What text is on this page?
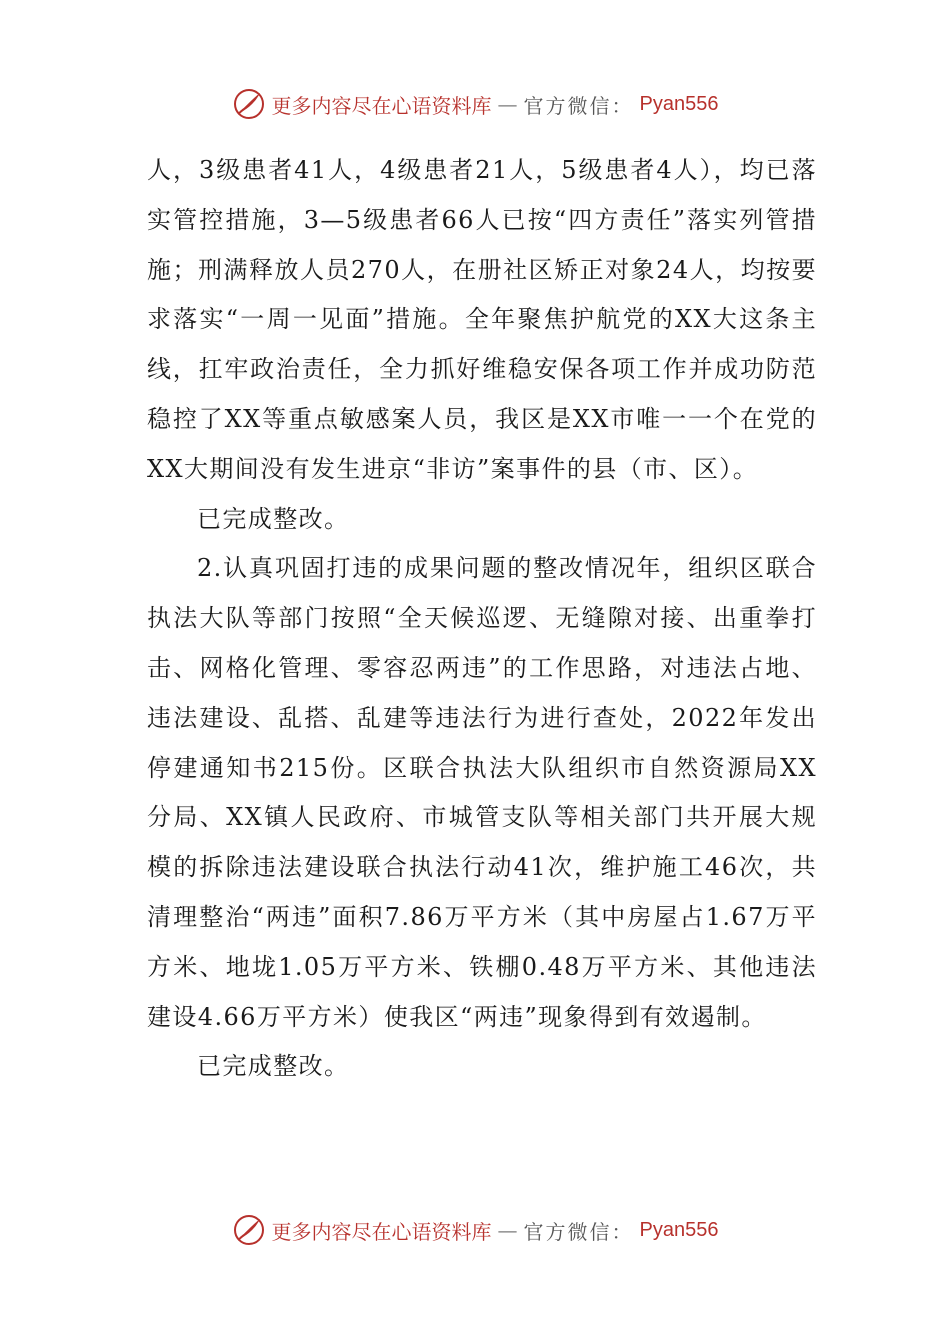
更多内容尽在心语资料库 — 官方微信： Pyan556

人，3级患者41人，4级患者21人，5级患者4人），均已落实管控措施，3—5级患者66人已按“四方责任”落实列管措施；刑满释放人员270人，在册社区矫正对象24人，均按要求落实“一周一见面”措施。全年聚焦护航党的XX大这条主线，扛牢政治责任，全力抓好维稳安保各项工作并成功防范稳控了XX等重点敏感案人员，我区是XX市唯一一个在党的XX大期间没有发生进京“非访”案事件的县（市、区）。

已完成整改。

2.认真巩固打违的成果问题的整改情况年，组织区联合执法大队等部门按照“全天候巡逻、无缝隙对接、出重拳打击、网格化管理、零容忍两违”的工作思路，对违法占地、违法建设、乱搭、乱建等违法行为进行查处，2022年发出停建通知书215份。区联合执法大队组织市自然资源局XX分局、XX镇人民政府、市城管支队等相关部门共开展大规模的拆除违法建设联合执法行动41次，维护施工46次，共清理整治“两违”面积7.86万平方米（其中房屋占1.67万平方米、地垅1.05万平方米、铁棚0.48万平方米、其他违法建设4.66万平方米）使我区“两违”现象得到有效遏制。

已完成整改。

更多内容尽在心语资料库 — 官方微信： Pyan556
